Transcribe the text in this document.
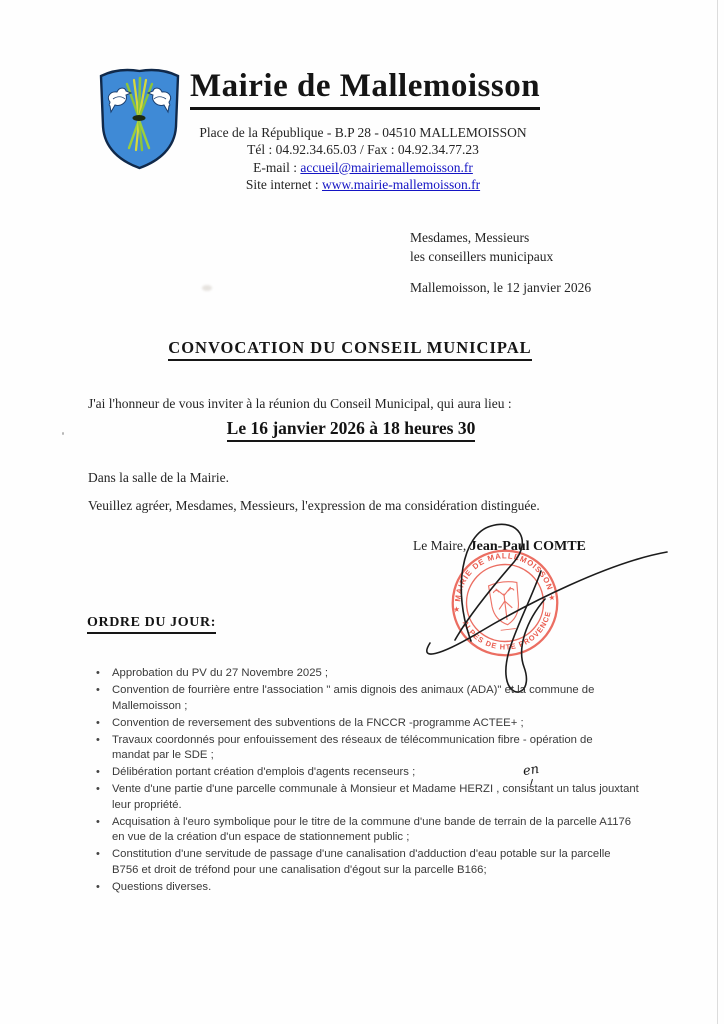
Mairie de Mallemoisson
Place de la République - B.P 28 - 04510 MALLEMOISSON
Tél : 04.92.34.65.03 / Fax : 04.92.34.77.23
E-mail : accueil@mairiemallemoisson.fr
Site internet : www.mairie-mallemoisson.fr
Mesdames, Messieurs
les conseillers municipaux
Mallemoisson, le 12 janvier 2026
CONVOCATION DU CONSEIL MUNICIPAL

J'ai l'honneur de vous inviter à la réunion du Conseil Municipal, qui aura lieu :

Le 16 janvier 2026 à 18 heures 30

Dans la salle de la Mairie.

Veuillez agréer, Mesdames, Messieurs, l'expression de ma considération distinguée.

Le Maire, Jean-Paul COMTE
MAIRIE DE MALLEMOISSON
ALPES DE HTE PROVENCE
★
★
ORDRE DU JOUR:
• Approbation du PV du 27 Novembre 2025 ;
• Convention de fourrière entre l'association " amis dignois des animaux (ADA)" et la commune de
Mallemoisson ;
• Convention de reversement des subventions de la FNCCR -programme ACTEE+ ;
• Travaux coordonnés pour enfouissement des réseaux de télécommunication fibre - opération de
mandat par le SDE ;
• Délibération portant création d'emplois d'agents recenseurs ;
• Vente d'une partie d'une parcelle communale à Monsieur et Madame HERZI , consistant un talus jouxtant
leur propriété.
• Acquisation à l'euro symbolique pour le titre de la commune d'une bande de terrain de la parcelle A1176
en vue de la création d'un espace de stationnement public ;
• Constitution d'une servitude de passage d'une canalisation d'adduction d'eau potable sur la parcelle
B756 et droit de tréfond pour une canalisation d'égout sur la parcelle B166;
• Questions diverses.
en
